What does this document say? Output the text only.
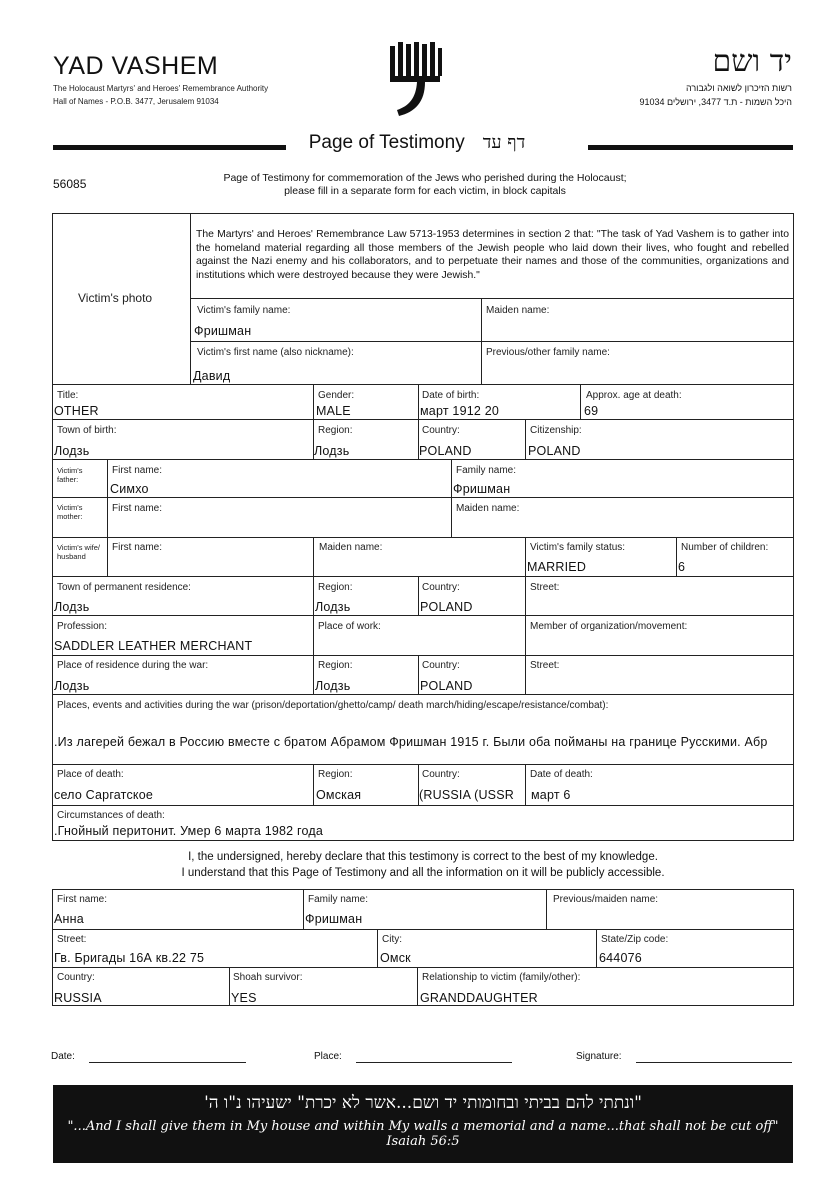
YAD VASHEM
The Holocaust Martyrs' and Heroes' Remembrance Authority
Hall of Names - P.O.B. 3477, Jerusalem 91034
יד ושם
רשות הזיכרון לשואה ולגבורה
היכל השמות - ת.ד 3477, ירושלים 91034
Page of Testimony דף עד
56085	Page of Testimony for commemoration of the Jews who perished during the Holocaust;
please fill in a separate form for each victim, in block capitals
Victim's photo
The Martyrs' and Heroes' Remembrance Law 5713-1953 determines in section 2 that: "The task of Yad Vashem is to gather into the homeland material regarding all those members of the Jewish people who laid down their lives, who fought and rebelled against the Nazi enemy and his collaborators, and to perpetuate their names and those of the communities, organizations and institutions which were destroyed because they were Jewish."
Victim's family name:
Фришман
Maiden name:
Victim's first name (also nickname):
Давид
Previous/other family name:
Title:
OTHER
Gender:
MALE
Date of birth:
март 1912 20
Approx. age at death:
69
Town of birth:
Лодзь
Region:
Лодзь
Country:
POLAND
Citizenship:
POLAND
Victim's father:
First name:
Симхо
Family name:
Фришман
Victim's mother:
First name:	Maiden name:
Victim's wife/ husband
First name:	Maiden name:	Victim's family status:
MARRIED
Number of children:
6
Town of permanent residence:
Лодзь
Region:
Лодзь
Country:
POLAND
Street:
Profession:
SADDLER LEATHER MERCHANT
Place of work:	Member of organization/movement:
Place of residence during the war:
Лодзь
Region:
Лодзь
Country:
POLAND
Street:
Places, events and activities during the war (prison/deportation/ghetto/camp/ death march/hiding/escape/resistance/combat):
.Из лагерей бежал в Россию вместе с братом Абрамом Фришман 1915 г. Были оба пойманы на границе Русскими. Абр
Place of death:
село Саргатское
Region:
Омская
Country:
(RUSSIA (USSR
Date of death:
март 6
Circumstances of death:
.Гнойный перитонит. Умер 6 марта 1982 года
I, the undersigned, hereby declare that this testimony is correct to the best of my knowledge.
I understand that this Page of Testimony and all the information on it will be publicly accessible.
First name:
Анна
Family name:
Фришман
Previous/maiden name:
Street:
Гв. Бригады 16А кв.22 75
City:
Омск
State/Zip code:
644076
Country:
RUSSIA
Shoah survivor:
YES
Relationship to victim (family/other):
GRANDDAUGHTER
Date:	Place:	Signature:
"ונתתי להם בביתי ובחומותי יד ושם...אשר לא יכרת" ישעיהו נ"ו ה'
"...And I shall give them in My house and within My walls a memorial and a name...that shall not be cut off" Isaiah 56:5
